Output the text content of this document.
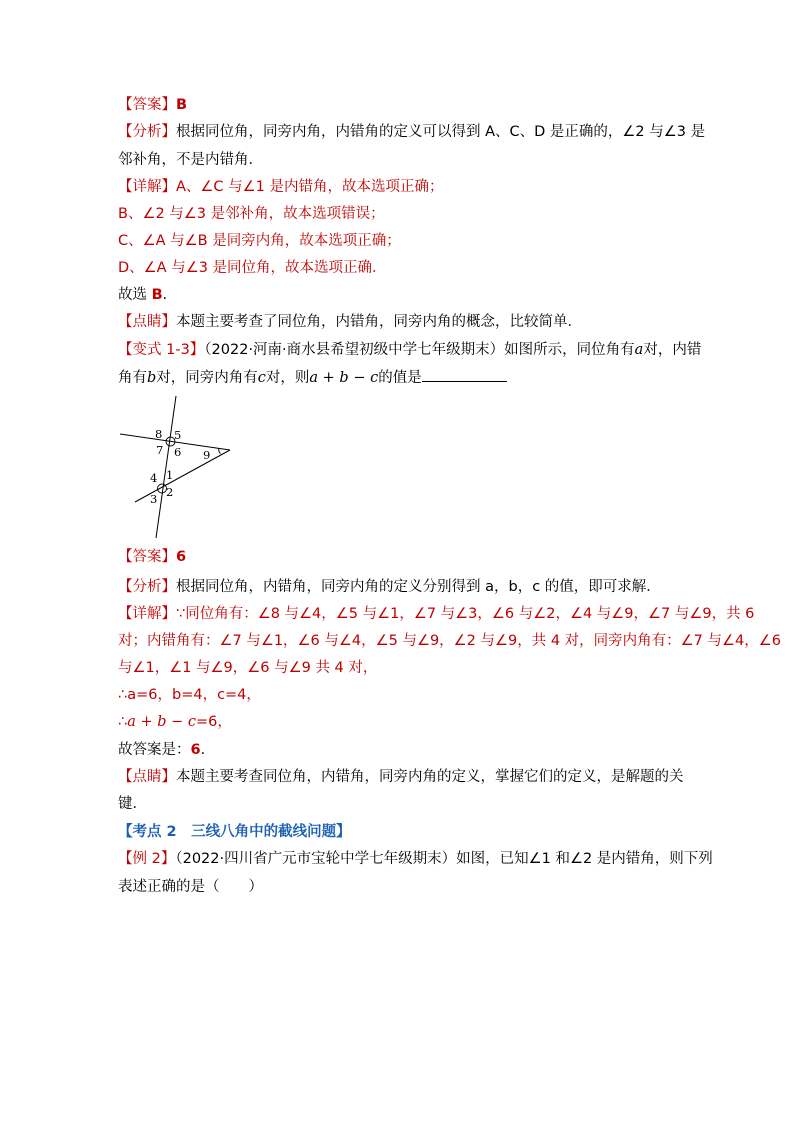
【答案】B
【分析】根据同位角，同旁内角，内错角的定义可以得到 A、C、D 是正确的，∠2 与∠3 是
邻补角，不是内错角．
【详解】A、∠C 与∠1 是内错角，故本选项正确；
B、∠2 与∠3 是邻补角，故本选项错误；
C、∠A 与∠B 是同旁内角，故本选项正确；
D、∠A 与∠3 是同位角，故本选项正确．
故选 B．
【点睛】本题主要考查了同位角，内错角，同旁内角的概念，比较简单．
【变式 1-3】（2022·河南·商水县希望初级中学七年级期末）如图所示，同位角有a对，内错
角有b对，同旁内角有c对，则a + b − c的值是
8 5
7 6 9
4 1
2
3
【答案】6
【分析】根据同位角，内错角，同旁内角的定义分别得到 a，b，c 的值，即可求解．
【详解】∵同位角有：∠8 与∠4，∠5 与∠1，∠7 与∠3，∠6 与∠2，∠4 与∠9，∠7 与∠9，共 6
对；内错角有：∠7 与∠1，∠6 与∠4，∠5 与∠9，∠2 与∠9，共 4 对，同旁内角有：∠7 与∠4，∠6
与∠1，∠1 与∠9，∠6 与∠9 共 4 对，
∴a=6，b=4，c=4，
∴a + b − c=6，
故答案是：6．
【点睛】本题主要考查同位角，内错角，同旁内角的定义，掌握它们的定义，是解题的关
键．
【考点 2　三线八角中的截线问题】
【例 2】（2022·四川省广元市宝轮中学七年级期末）如图，已知∠1 和∠2 是内错角，则下列
表述正确的是（　　）
